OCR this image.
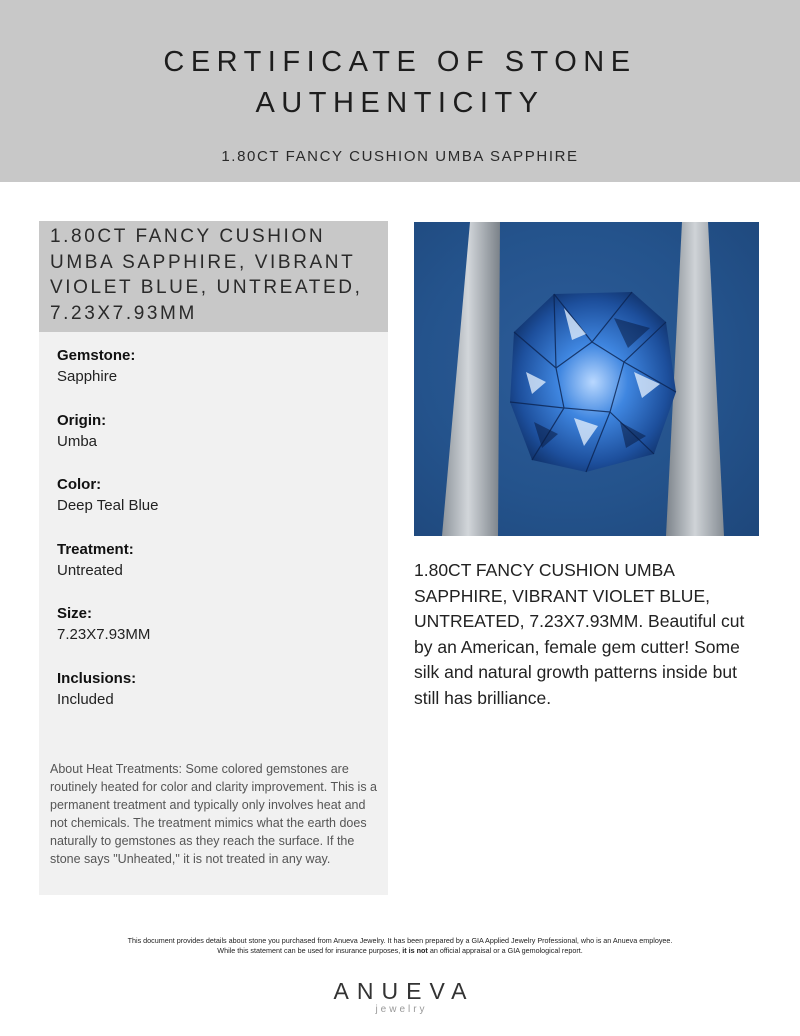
CERTIFICATE OF STONE
AUTHENTICITY
1.80CT FANCY CUSHION UMBA SAPPHIRE
1.80CT FANCY CUSHION UMBA SAPPHIRE, VIBRANT VIOLET BLUE, UNTREATED, 7.23X7.93MM
Gemstone:
Sapphire
Origin:
Umba
Color:
Deep Teal Blue
Treatment:
Untreated
Size:
7.23X7.93MM
Inclusions:
Included
About Heat Treatments: Some colored gemstones are routinely heated for color and clarity improvement. This is a permanent treatment and typically only involves heat and not chemicals. The treatment mimics what the earth does naturally to gemstones as they reach the surface. If the stone says "Unheated," it is not treated in any way.
1.80CT FANCY CUSHION UMBA SAPPHIRE, VIBRANT VIOLET BLUE, UNTREATED, 7.23X7.93MM. Beautiful cut by an American, female gem cutter! Some silk and natural growth patterns inside but still has brilliance.
This document provides details about stone you purchased from Anueva Jewelry. It has been prepared by a GIA Applied Jewelry Professional, who is an Anueva employee.
While this statement can be used for insurance purposes, it is not an official appraisal or a GIA gemological report.
ANUEVA
jewelry
